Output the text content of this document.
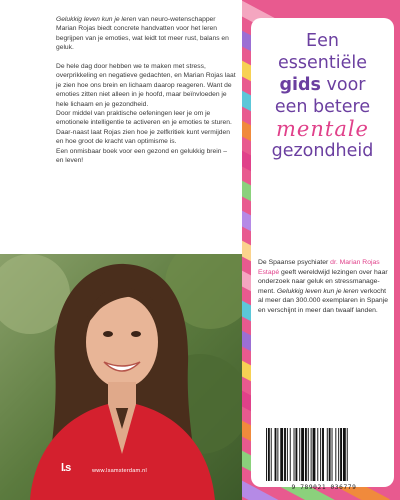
Gelukkig leven kun je leren van neuro-wetenschapper Marian Rojas biedt concrete handvatten voor het leren begrijpen van je emoties, wat leidt tot meer rust, balans en geluk.

De hele dag door hebben we te maken met stress, overprikkeling en negatieve gedachten, en Marian Rojas laat je zien hoe ons brein en lichaam daarop reageren. Want de emoties zitten niet alleen in je hoofd, maar beïnvloeden je hele lichaam en je gezondheid.

Door middel van praktische oefeningen leer je om je emotionele intelligentie te activeren en je emoties te sturen. Daar-naast laat Rojas zien hoe je zelfkritiek kunt vermijden en hoe groot de kracht van optimisme is.

Een onmisbaar boek voor een gezond en gelukkig brein – en leven!

l.s	www.lsamsterdam.nl
Een
essentiële
gids voor
een betere
mentale
gezondheid
De Spaanse psychiater dr. Marian Rojas Estapé geeft wereldwijd lezingen over haar onderzoek naar geluk en stressmanage-ment. Gelukkig leven kun je leren verkocht al meer dan 300.000 exemplaren in Spanje en verschijnt in meer dan twaalf landen.
9 789021 036779
